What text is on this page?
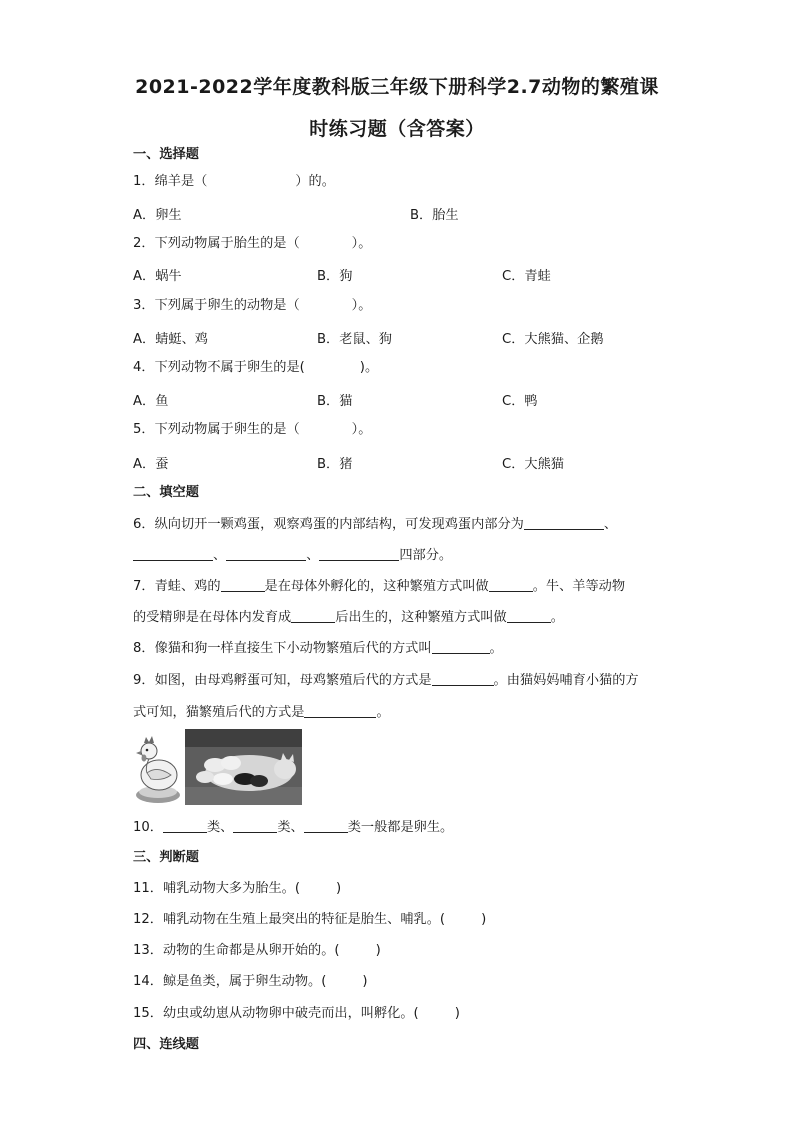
2021-2022学年度教科版三年级下册科学2.7动物的繁殖课
时练习题（含答案）
一、选择题
1．绵羊是（	）的。
A．卵生	B．胎生
2．下列动物属于胎生的是（	）。
A．蜗牛	B．狗	C．青蛙
3．下列属于卵生的动物是（	）。
A．蜻蜓、鸡	B．老鼠、狗	C．大熊猫、企鹅
4．下列动物不属于卵生的是(	)。
A．鱼	B．猫	C．鸭
5．下列动物属于卵生的是（	）。
A．蚕	B．猪	C．大熊猫
二、填空题
6．纵向切开一颗鸡蛋，观察鸡蛋的内部结构，可发现鸡蛋内部分为	、
、	、	四部分。
7．青蛙、鸡的	是在母体外孵化的，这种繁殖方式叫做	。牛、羊等动物
的受精卵是在母体内发育成	后出生的，这种繁殖方式叫做	。
8．像猫和狗一样直接生下小动物繁殖后代的方式叫	。
9．如图，由母鸡孵蛋可知，母鸡繁殖后代的方式是	。由猫妈妈哺育小猫的方
式可知，猫繁殖后代的方式是	。
10．	类、	类、	类一般都是卵生。
三、判断题
11．哺乳动物大多为胎生。(	)
12．哺乳动物在生殖上最突出的特征是胎生、哺乳。(	)
13．动物的生命都是从卵开始的。(	)
14．鲸是鱼类，属于卵生动物。(	)
15．幼虫或幼崽从动物卵中破壳而出，叫孵化。(	)
四、连线题
